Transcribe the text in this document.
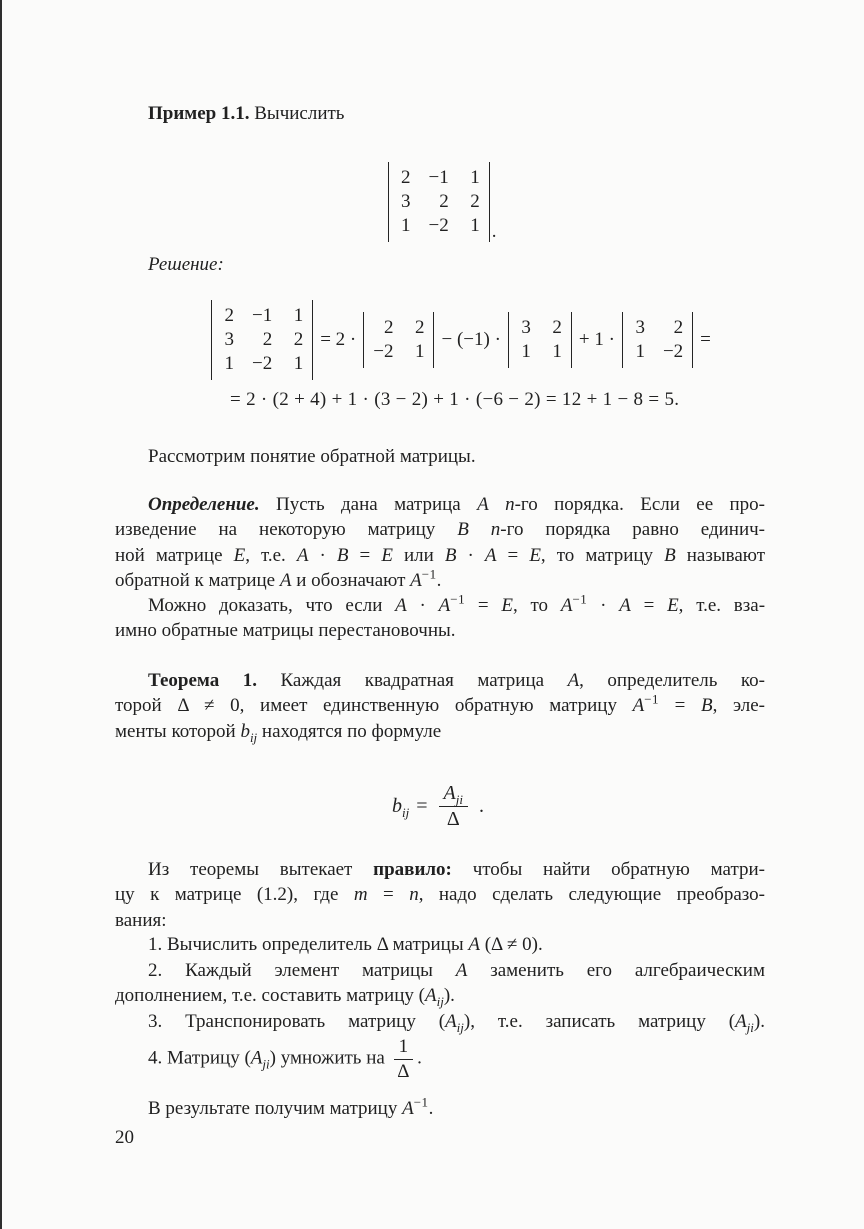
Пример 1.1. Вычислить
2 −1 1
3	2 2
1 −2 1 .
Решение:
2 −1 1
3	2 2
1 −2 1
= 2 ·
2 2
−2 1
− (−1) ·
3 2
1 1
+ 1 ·
3	2
1 −2
=
= 2 · (2 + 4) + 1 · (3 − 2) + 1 · (−6 − 2) = 12 + 1 − 8 = 5.
Рассмотрим понятие обратной матрицы.
Определение. Пусть дана матрица A n-го порядка. Если ее про-
изведение на некоторую матрицу B n-го порядка равно единич-
ной матрице E, т.е. A · B = E или B · A = E, то матрицу B называют
обратной к матрице A и обозначают $A^{-1}$.
Можно доказать, что если $A \cdot A^{-1} = E$, то $A^{-1} \cdot A = E$, т.е. вза-
имно обратные матрицы перестановочны.
Теорема 1. Каждая квадратная матрица A, определитель ко-
торой Δ ≠ 0, имеет единственную обратную матрицу $A^{-1} = B$, эле-
менты которой $b_{ij}$ находятся по формуле
$b_{ij} = \frac{A_{ji}}{\Delta}$ .
Из теоремы вытекает правило: чтобы найти обратную матри-
цу к матрице (1.2), где m = n, надо сделать следующие преобразо-
вания:
1. Вычислить определитель Δ матрицы A (Δ ≠ 0).
2. Каждый элемент матрицы A заменить его алгебраическим
дополнением, т.е. составить матрицу $(A_{ij})$.
3. Транспонировать матрицу $(A_{ij})$, т.е. записать матрицу $(A_{ji})$.
4. Матрицу $(A_{ji})$ умножить на $\frac{1}{\Delta}$ .
В результате получим матрицу $A^{-1}$.
20
